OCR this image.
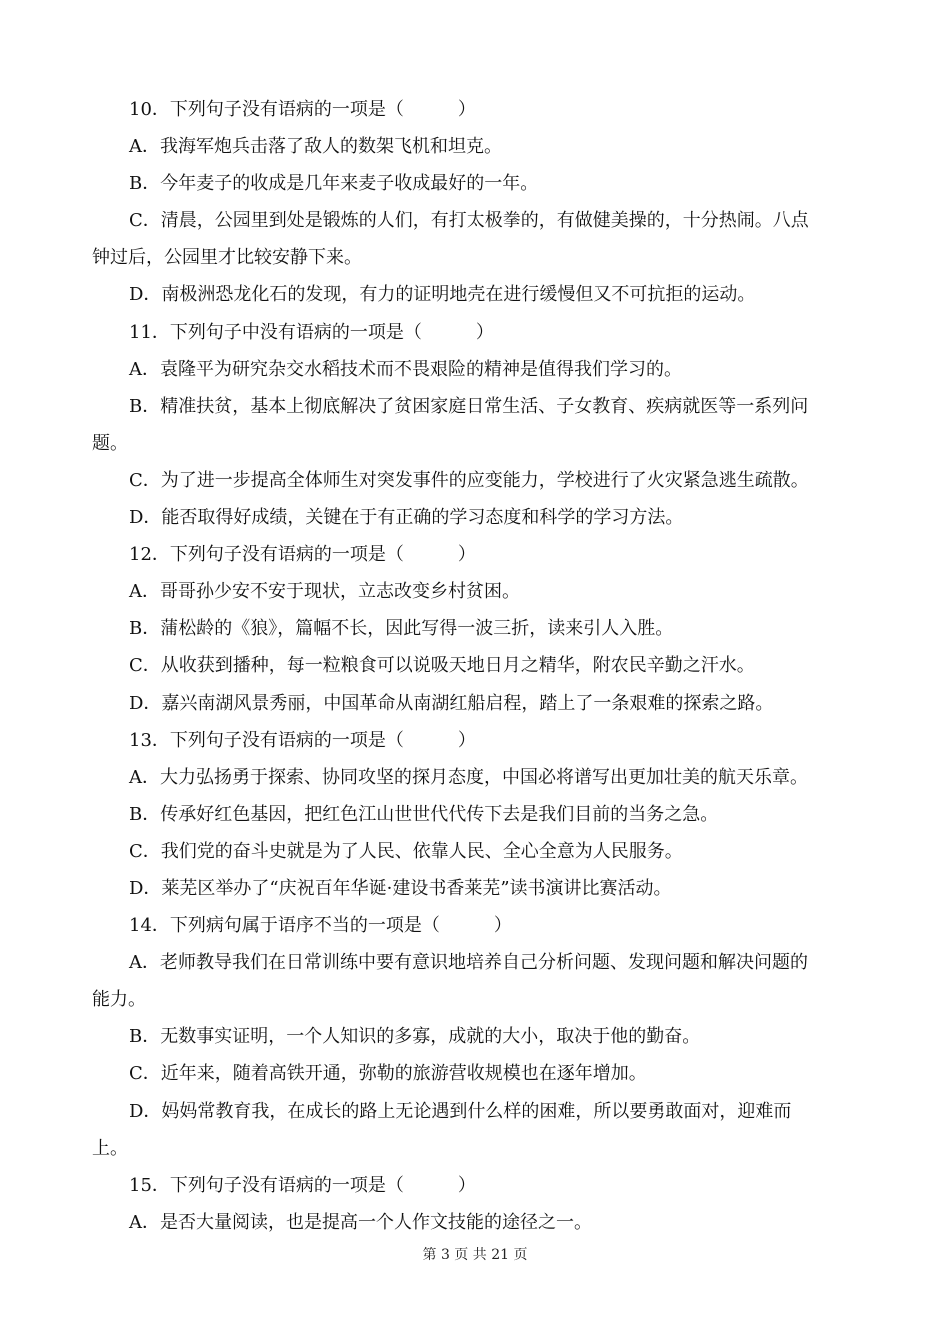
10．下列句子没有语病的一项是（　　　）
A．我海军炮兵击落了敌人的数架飞机和坦克。
B．今年麦子的收成是几年来麦子收成最好的一年。
C．清晨，公园里到处是锻炼的人们，有打太极拳的，有做健美操的，十分热闹。八点
钟过后，公园里才比较安静下来。
D．南极洲恐龙化石的发现，有力的证明地壳在进行缓慢但又不可抗拒的运动。
11．下列句子中没有语病的一项是（　　　）
A．袁隆平为研究杂交水稻技术而不畏艰险的精神是值得我们学习的。
B．精准扶贫，基本上彻底解决了贫困家庭日常生活、子女教育、疾病就医等一系列问
题。
C．为了进一步提高全体师生对突发事件的应变能力，学校进行了火灾紧急逃生疏散。
D．能否取得好成绩，关键在于有正确的学习态度和科学的学习方法。
12．下列句子没有语病的一项是（　　　）
A．哥哥孙少安不安于现状，立志改变乡村贫困。
B．蒲松龄的《狼》，篇幅不长，因此写得一波三折，读来引人入胜。
C．从收获到播种，每一粒粮食可以说吸天地日月之精华，附农民辛勤之汗水。
D．嘉兴南湖风景秀丽，中国革命从南湖红船启程，踏上了一条艰难的探索之路。
13．下列句子没有语病的一项是（　　　）
A．大力弘扬勇于探索、协同攻坚的探月态度，中国必将谱写出更加壮美的航天乐章。
B．传承好红色基因，把红色江山世世代代传下去是我们目前的当务之急。
C．我们党的奋斗史就是为了人民、依靠人民、全心全意为人民服务。
D．莱芜区举办了“庆祝百年华诞·建设书香莱芜”读书演讲比赛活动。
14．下列病句属于语序不当的一项是（　　　）
A．老师教导我们在日常训练中要有意识地培养自己分析问题、发现问题和解决问题的
能力。
B．无数事实证明，一个人知识的多寡，成就的大小，取决于他的勤奋。
C．近年来，随着高铁开通，弥勒的旅游营收规模也在逐年增加。
D．妈妈常教育我，在成长的路上无论遇到什么样的困难，所以要勇敢面对，迎难而
上。
15．下列句子没有语病的一项是（　　　）
A．是否大量阅读，也是提高一个人作文技能的途径之一。
第 3 页 共 21 页
